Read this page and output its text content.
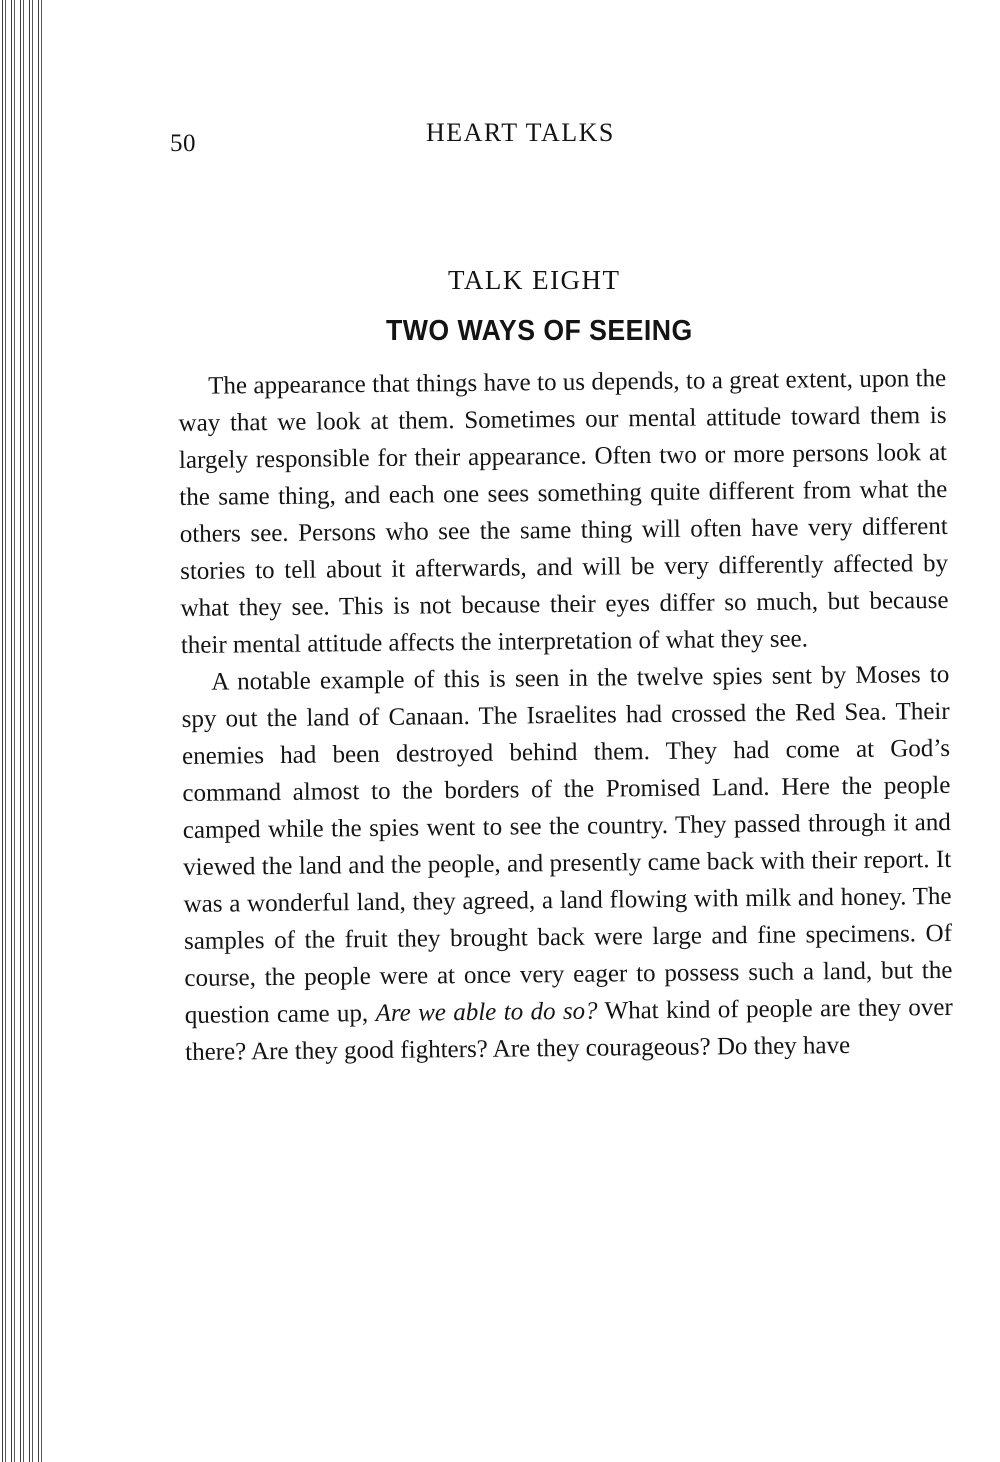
50	HEART TALKS
TALK EIGHT
TWO WAYS OF SEEING

The appearance that things have to us depends, to a great extent, upon the way that we look at them. Sometimes our mental attitude toward them is largely responsible for their appearance. Often two or more persons look at the same thing, and each one sees something quite different from what the others see. Persons who see the same thing will often have very different stories to tell about it afterwards, and will be very differently affected by what they see. This is not because their eyes differ so much, but because their mental attitude affects the interpretation of what they see.

A notable example of this is seen in the twelve spies sent by Moses to spy out the land of Canaan. The Israelites had crossed the Red Sea. Their enemies had been destroyed behind them. They had come at God’s command almost to the borders of the Promised Land. Here the people camped while the spies went to see the country. They passed through it and viewed the land and the people, and presently came back with their report. It was a wonderful land, they agreed, a land flowing with milk and honey. The samples of the fruit they brought back were large and fine specimens. Of course, the people were at once very eager to possess such a land, but the question came up, Are we able to do so? What kind of people are they over there? Are they good fighters? Are they courageous? Do they have
